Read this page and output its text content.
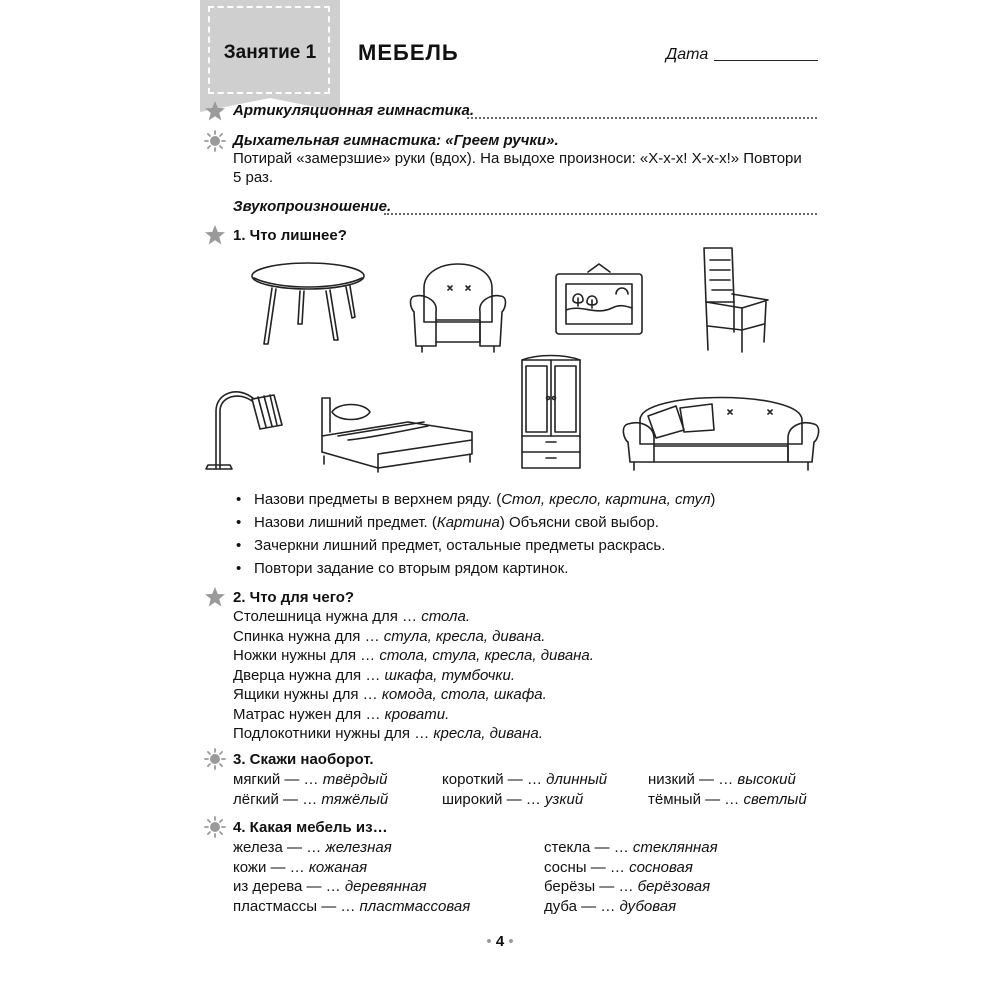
Занятие 1	МЕБЕЛЬ	Дата
Артикуляционная гимнастика.
Дыхательная гимнастика: «Греем ручки».
Потирай «замерзшие» руки (вдох). На выдохе произноси: «Х-х-х! Х-х-х!» Повтори
5 раз.
Звукопроизношение.
1. Что лишнее?
• Назови предметы в верхнем ряду. (Стол, кресло, картина, стул)
• Назови лишний предмет. (Картина) Объясни свой выбор.
• Зачеркни лишний предмет, остальные предметы раскрась.
• Повтори задание со вторым рядом картинок.
2. Что для чего?
Столешница нужна для … стола.
Спинка нужна для … стула, кресла, дивана.
Ножки нужны для … стола, стула, кресла, дивана.
Дверца нужна для … шкафа, тумбочки.
Ящики нужны для … комода, стола, шкафа.
Матрас нужен для … кровати.
Подлокотники нужны для … кресла, дивана.
3. Скажи наоборот.
мягкий — … твёрдый
лёгкий — … тяжёлый
короткий — … длинный
широкий — … узкий
низкий — … высокий
тёмный — … светлый
4. Какая мебель из…
железа — … железная
кожи — … кожаная
из дерева — … деревянная
пластмассы — … пластмассовая
стекла — … стеклянная
сосны — … сосновая
берёзы — … берёзовая
дуба — … дубовая
• 4 •
